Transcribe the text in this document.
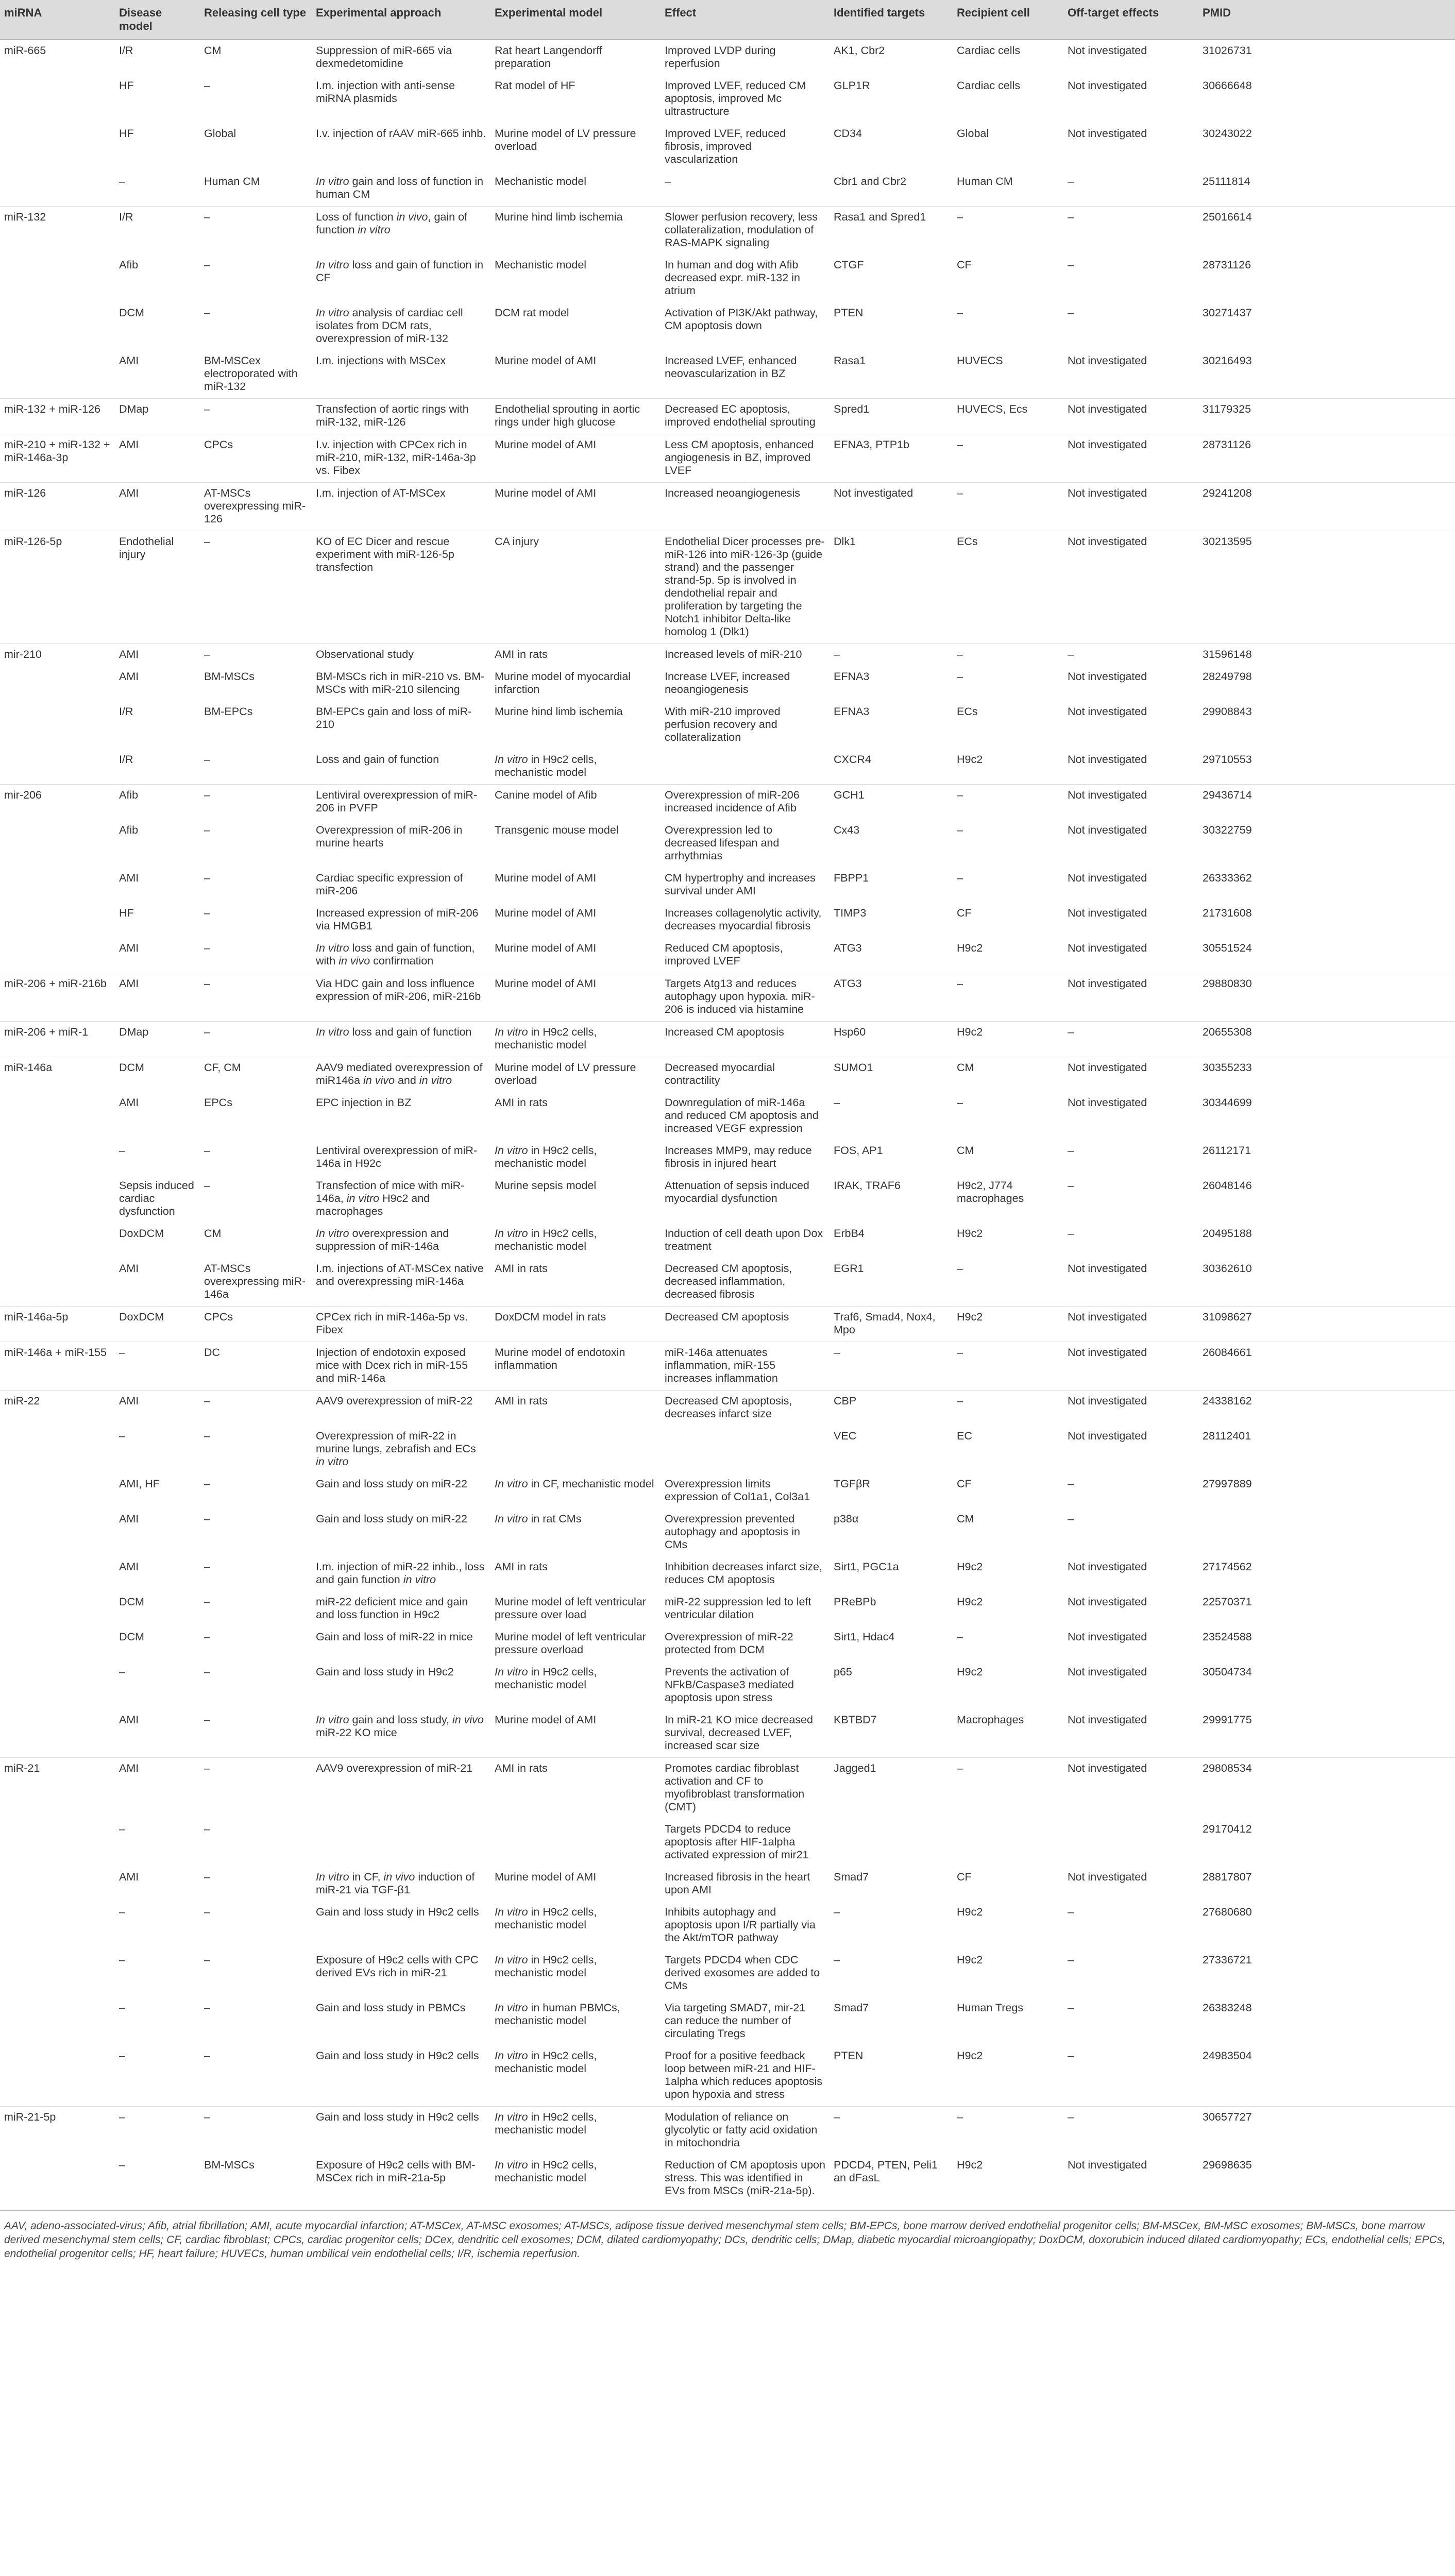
miRNA	Disease model	Releasing cell type	Experimental approach	Experimental model	Effect	Identified targets	Recipient cell	Off-target effects	PMID
miR-665	I/R	CM	Suppression of miR-665 via dexmedetomidine	Rat heart Langendorff preparation	Improved LVDP during reperfusion	AK1, Cbr2	Cardiac cells	Not investigated	31026731
	HF	–	I.m. injection with anti-sense miRNA plasmids	Rat model of HF	Improved LVEF, reduced CM apoptosis, improved Mc ultrastructure	GLP1R	Cardiac cells	Not investigated	30666648
	HF	Global	I.v. injection of rAAV miR-665 inhb.	Murine model of LV pressure overload	Improved LVEF, reduced fibrosis, improved vascularization	CD34	Global	Not investigated	30243022
	–	Human CM	In vitro gain and loss of function in human CM	Mechanistic model	–	Cbr1 and Cbr2	Human CM	–	25111814
miR-132	I/R	–	Loss of function in vivo, gain of function in vitro	Murine hind limb ischemia	Slower perfusion recovery, less collateralization, modulation of RAS-MAPK signaling	Rasa1 and Spred1	–	–	25016614
	Afib	–	In vitro loss and gain of function in CF	Mechanistic model	In human and dog with Afib decreased expr. miR-132 in atrium	CTGF	CF	–	28731126
	DCM	–	In vitro analysis of cardiac cell isolates from DCM rats, overexpression of miR-132	DCM rat model	Activation of PI3K/Akt pathway, CM apoptosis down	PTEN	–	–	30271437
	AMI	BM-MSCex electroporated with miR-132	I.m. injections with MSCex	Murine model of AMI	Increased LVEF, enhanced neovascularization in BZ	Rasa1	HUVECS	Not investigated	30216493
miR-132 + miR-126	DMap	–	Transfection of aortic rings with miR-132, miR-126	Endothelial sprouting in aortic rings under high glucose	Decreased EC apoptosis, improved endothelial sprouting	Spred1	HUVECS, Ecs	Not investigated	31179325
miR-210 + miR-132 + miR-146a-3p	AMI	CPCs	I.v. injection with CPCex rich in miR-210, miR-132, miR-146a-3p vs. Fibex	Murine model of AMI	Less CM apoptosis, enhanced angiogenesis in BZ, improved LVEF	EFNA3, PTP1b	–	Not investigated	28731126
miR-126	AMI	AT-MSCs overexpressing miR-126	I.m. injection of AT-MSCex	Murine model of AMI	Increased neoangiogenesis	Not investigated	–	Not investigated	29241208
miR-126-5p	Endothelial injury	–	KO of EC Dicer and rescue experiment with miR-126-5p transfection	CA injury	Endothelial Dicer processes pre-miR-126 into miR-126-3p (guide strand) and the passenger strand-5p. 5p is involved in dendothelial repair and proliferation by targeting the Notch1 inhibitor Delta-like homolog 1 (Dlk1)	Dlk1	ECs	Not investigated	30213595
mir-210	AMI	–	Observational study	AMI in rats	Increased levels of miR-210	–	–	–	31596148
	AMI	BM-MSCs	BM-MSCs rich in miR-210 vs. BM-MSCs with miR-210 silencing	Murine model of myocardial infarction	Increase LVEF, increased neoangiogenesis	EFNA3	–	Not investigated	28249798
	I/R	BM-EPCs	BM-EPCs gain and loss of miR-210	Murine hind limb ischemia	With miR-210 improved perfusion recovery and collateralization	EFNA3	ECs	Not investigated	29908843
	I/R	–	Loss and gain of function	In vitro in H9c2 cells, mechanistic model		CXCR4	H9c2	Not investigated	29710553
mir-206	Afib	–	Lentiviral overexpression of miR-206 in PVFP	Canine model of Afib	Overexpression of miR-206 increased incidence of Afib	GCH1	–	Not investigated	29436714
	Afib	–	Overexpression of miR-206 in murine hearts	Transgenic mouse model	Overexpression led to decreased lifespan and arrhythmias	Cx43	–	Not investigated	30322759
	AMI	–	Cardiac specific expression of miR-206	Murine model of AMI	CM hypertrophy and increases survival under AMI	FBPP1	–	Not investigated	26333362
	HF	–	Increased expression of miR-206 via HMGB1	Murine model of AMI	Increases collagenolytic activity, decreases myocardial fibrosis	TIMP3	CF	Not investigated	21731608
	AMI	–	In vitro loss and gain of function, with in vivo confirmation	Murine model of AMI	Reduced CM apoptosis, improved LVEF	ATG3	H9c2	Not investigated	30551524
miR-206 + miR-216b	AMI	–	Via HDC gain and loss influence expression of miR-206, miR-216b	Murine model of AMI	Targets Atg13 and reduces autophagy upon hypoxia. miR-206 is induced via histamine	ATG3	–	Not investigated	29880830
miR-206 + miR-1	DMap	–	In vitro loss and gain of function	In vitro in H9c2 cells, mechanistic model	Increased CM apoptosis	Hsp60	H9c2	–	20655308
miR-146a	DCM	CF, CM	AAV9 mediated overexpression of miR146a in vivo and in vitro	Murine model of LV pressure overload	Decreased myocardial contractility	SUMO1	CM	Not investigated	30355233
	AMI	EPCs	EPC injection in BZ	AMI in rats	Downregulation of miR-146a and reduced CM apoptosis and increased VEGF expression	–	–	Not investigated	30344699
	–	–	Lentiviral overexpression of miR-146a in H92c	In vitro in H9c2 cells, mechanistic model	Increases MMP9, may reduce fibrosis in injured heart	FOS, AP1	CM	–	26112171
	Sepsis induced cardiac dysfunction	–	Transfection of mice with miR-146a, in vitro H9c2 and macrophages	Murine sepsis model	Attenuation of sepsis induced myocardial dysfunction	IRAK, TRAF6	H9c2, J774 macrophages	–	26048146
	DoxDCM	CM	In vitro overexpression and suppression of miR-146a	In vitro in H9c2 cells, mechanistic model	Induction of cell death upon Dox treatment	ErbB4	H9c2	–	20495188
	AMI	AT-MSCs overexpressing miR-146a	I.m. injections of AT-MSCex native and overexpressing miR-146a	AMI in rats	Decreased CM apoptosis, decreased inflammation, decreased fibrosis	EGR1	–	Not investigated	30362610
miR-146a-5p	DoxDCM	CPCs	CPCex rich in miR-146a-5p vs. Fibex	DoxDCM model in rats	Decreased CM apoptosis	Traf6, Smad4, Nox4, Mpo	H9c2	Not investigated	31098627
miR-146a + miR-155	–	DC	Injection of endotoxin exposed mice with Dcex rich in miR-155 and miR-146a	Murine model of endotoxin inflammation	miR-146a attenuates inflammation, miR-155 increases inflammation	–	–	Not investigated	26084661
miR-22	AMI	–	AAV9 overexpression of miR-22	AMI in rats	Decreased CM apoptosis, decreases infarct size	CBP	–	Not investigated	24338162
	–	–	Overexpression of miR-22 in murine lungs, zebrafish and ECs in vitro			VEC	EC	Not investigated	28112401
	AMI, HF	–	Gain and loss study on miR-22	In vitro in CF, mechanistic model	Overexpression limits expression of Col1a1, Col3a1	TGFβR	CF	–	27997889
	AMI	–	Gain and loss study on miR-22	In vitro in rat CMs	Overexpression prevented autophagy and apoptosis in CMs	p38α	CM	–	
	AMI	–	I.m. injection of miR-22 inhib., loss and gain function in vitro	AMI in rats	Inhibition decreases infarct size, reduces CM apoptosis	Sirt1, PGC1a	H9c2	Not investigated	27174562
	DCM	–	miR-22 deficient mice and gain and loss function in H9c2	Murine model of left ventricular pressure over load	miR-22 suppression led to left ventricular dilation	PReBPb	H9c2	Not investigated	22570371
	DCM	–	Gain and loss of miR-22 in mice	Murine model of left ventricular pressure overload	Overexpression of miR-22 protected from DCM	Sirt1, Hdac4	–	Not investigated	23524588
	–	–	Gain and loss study in H9c2	In vitro in H9c2 cells, mechanistic model	Prevents the activation of NFkB/Caspase3 mediated apoptosis upon stress	p65	H9c2	Not investigated	30504734
	AMI	–	In vitro gain and loss study, in vivo miR-22 KO mice	Murine model of AMI	In miR-21 KO mice decreased survival, decreased LVEF, increased scar size	KBTBD7	Macrophages	Not investigated	29991775
miR-21	AMI	–	AAV9 overexpression of miR-21	AMI in rats	Promotes cardiac fibroblast activation and CF to myofibroblast transformation (CMT)	Jagged1	–	Not investigated	29808534
	–	–			Targets PDCD4 to reduce apoptosis after HIF-1alpha activated expression of mir21				29170412
	AMI	–	In vitro in CF, in vivo induction of miR-21 via TGF-β1	Murine model of AMI	Increased fibrosis in the heart upon AMI	Smad7	CF	Not investigated	28817807
	–	–	Gain and loss study in H9c2 cells	In vitro in H9c2 cells, mechanistic model	Inhibits autophagy and apoptosis upon I/R partially via the Akt/mTOR pathway	–	H9c2	–	27680680
	–	–	Exposure of H9c2 cells with CPC derived EVs rich in miR-21	In vitro in H9c2 cells, mechanistic model	Targets PDCD4 when CDC derived exosomes are added to CMs	–	H9c2	–	27336721
	–	–	Gain and loss study in PBMCs	In vitro in human PBMCs, mechanistic model	Via targeting SMAD7, mir-21 can reduce the number of circulating Tregs	Smad7	Human Tregs	–	26383248
	–	–	Gain and loss study in H9c2 cells	In vitro in H9c2 cells, mechanistic model	Proof for a positive feedback loop between miR-21 and HIF-1alpha which reduces apoptosis upon hypoxia and stress	PTEN	H9c2	–	24983504
miR-21-5p	–	–	Gain and loss study in H9c2 cells	In vitro in H9c2 cells, mechanistic model	Modulation of reliance on glycolytic or fatty acid oxidation in mitochondria	–	–	–	30657727
	–	BM-MSCs	Exposure of H9c2 cells with BM-MSCex rich in miR-21a-5p	In vitro in H9c2 cells, mechanistic model	Reduction of CM apoptosis upon stress. This was identified in EVs from MSCs (miR-21a-5p).	PDCD4, PTEN, Peli1 an dFasL	H9c2	Not investigated	29698635
AAV, adeno-associated-virus; Afib, atrial fibrillation; AMI, acute myocardial infarction; AT-MSCex, AT-MSC exosomes; AT-MSCs, adipose tissue derived mesenchymal stem cells; BM-EPCs, bone marrow derived endothelial progenitor cells; BM-MSCex, BM-MSC exosomes; BM-MSCs, bone marrow derived mesenchymal stem cells; CF, cardiac fibroblast; CPCs, cardiac progenitor cells; DCex, dendritic cell exosomes; DCM, dilated cardiomyopathy; DCs, dendritic cells; DMap, diabetic myocardial microangiopathy; DoxDCM, doxorubicin induced dilated cardiomyopathy; ECs, endothelial cells; EPCs, endothelial progenitor cells; HF, heart failure; HUVECs, human umbilical vein endothelial cells; I/R, ischemia reperfusion.
